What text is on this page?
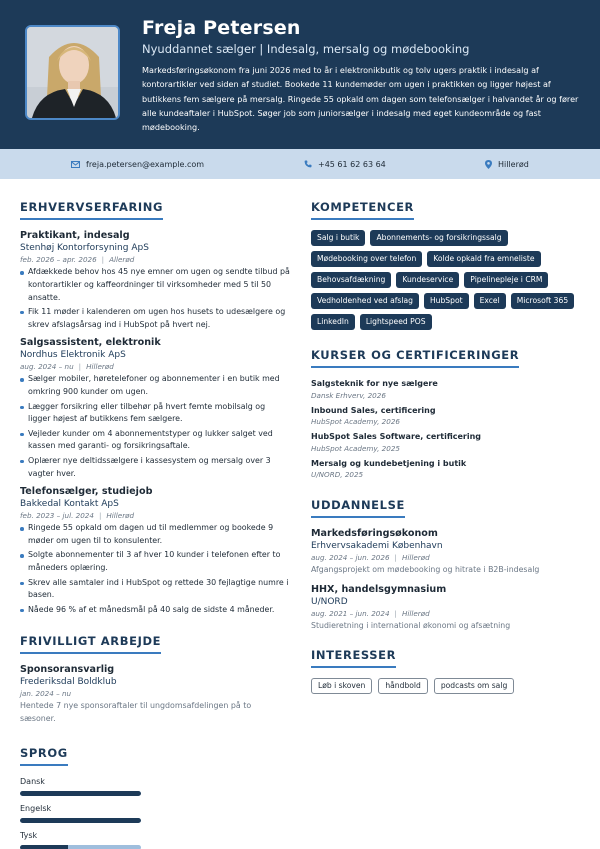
Freja Petersen
Nyuddannet sælger | Indesalg, mersalg og mødebooking
Markedsføringsøkonom fra juni 2026 med to år i elektronikbutik og tolv ugers praktik i indesalg af kontorartikler ved siden af studiet. Bookede 11 kundemøder om ugen i praktikken og ligger højest af butikkens fem sælgere på mersalg. Ringede 55 opkald om dagen som telefonsælger i halvandet år og fører alle kundeaftaler i HubSpot. Søger job som juniorsælger i indesalg med eget kundeområde og fast mødebooking.
freja.petersen@example.com	+45 61 62 63 64	Hillerød
ERHVERVSERFARING
Praktikant, indesalg
Stenhøj Kontorforsyning ApS
feb. 2026 – apr. 2026 | Allerød
Afdækkede behov hos 45 nye emner om ugen og sendte tilbud på kontorartikler og kaffeordninger til virksomheder med 5 til 50 ansatte.
Fik 11 møder i kalenderen om ugen hos husets to udesælgere og skrev afslagsårsag ind i HubSpot på hvert nej.
Salgsassistent, elektronik
Nordhus Elektronik ApS
aug. 2024 – nu | Hillerød
Sælger mobiler, høretelefoner og abonnementer i en butik med omkring 900 kunder om ugen.
Lægger forsikring eller tilbehør på hvert femte mobilsalg og ligger højest af butikkens fem sælgere.
Vejleder kunder om 4 abonnementstyper og lukker salget ved kassen med garanti- og forsikringsaftale.
Oplærer nye deltidssælgere i kassesystem og mersalg over 3 vagter hver.
Telefonsælger, studiejob
Bakkedal Kontakt ApS
feb. 2023 – jul. 2024 | Hillerød
Ringede 55 opkald om dagen ud til medlemmer og bookede 9 møder om ugen til to konsulenter.
Solgte abonnementer til 3 af hver 10 kunder i telefonen efter to måneders oplæring.
Skrev alle samtaler ind i HubSpot og rettede 30 fejlagtige numre i basen.
Nåede 96 % af et månedsmål på 40 salg de sidste 4 måneder.
FRIVILLIGT ARBEJDE
Sponsoransvarlig
Frederiksdal Boldklub
jan. 2024 – nu
Hentede 7 nye sponsoraftaler til ungdomsafdelingen på to sæsoner.
SPROG
Dansk
Engelsk
Tysk
KOMPETENCER
Salg i butik	Abonnements- og forsikringssalg
Mødebooking over telefon	Kolde opkald fra emneliste
Behovsafdækning	Kundeservice	Pipelinepleje i CRM
Vedholdenhed ved afslag	HubSpot	Excel	Microsoft 365
LinkedIn	Lightspeed POS
KURSER OG CERTIFICERINGER
Salgsteknik for nye sælgere
Dansk Erhverv, 2026
Inbound Sales, certificering
HubSpot Academy, 2026
HubSpot Sales Software, certificering
HubSpot Academy, 2025
Mersalg og kundebetjening i butik
U/NORD, 2025
UDDANNELSE
Markedsføringsøkonom
Erhvervsakademi København
aug. 2024 – jun. 2026 | Hillerød
Afgangsprojekt om mødebooking og hitrate i B2B-indesalg
HHX, handelsgymnasium
U/NORD
aug. 2021 – jun. 2024 | Hillerød
Studieretning i international økonomi og afsætning
INTERESSER
Løb i skoven	håndbold	podcasts om salg
